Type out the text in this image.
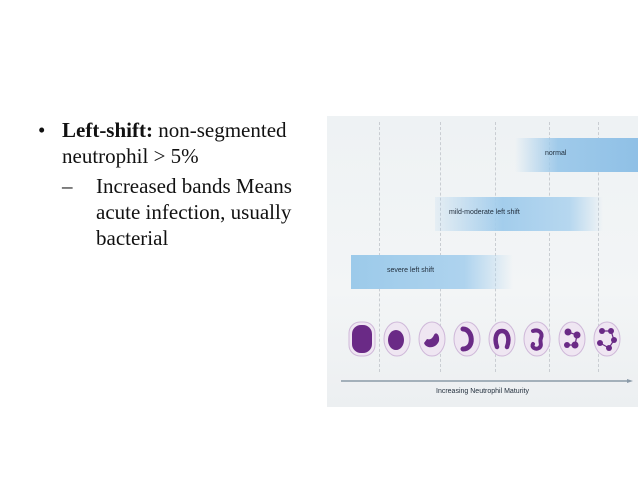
• Left-shift: non-segmented neutrophil > 5%
– Increased bands Means acute infection, usually bacterial
normal
mild-moderate left shift
severe left shift
Increasing Neutrophil Maturity
